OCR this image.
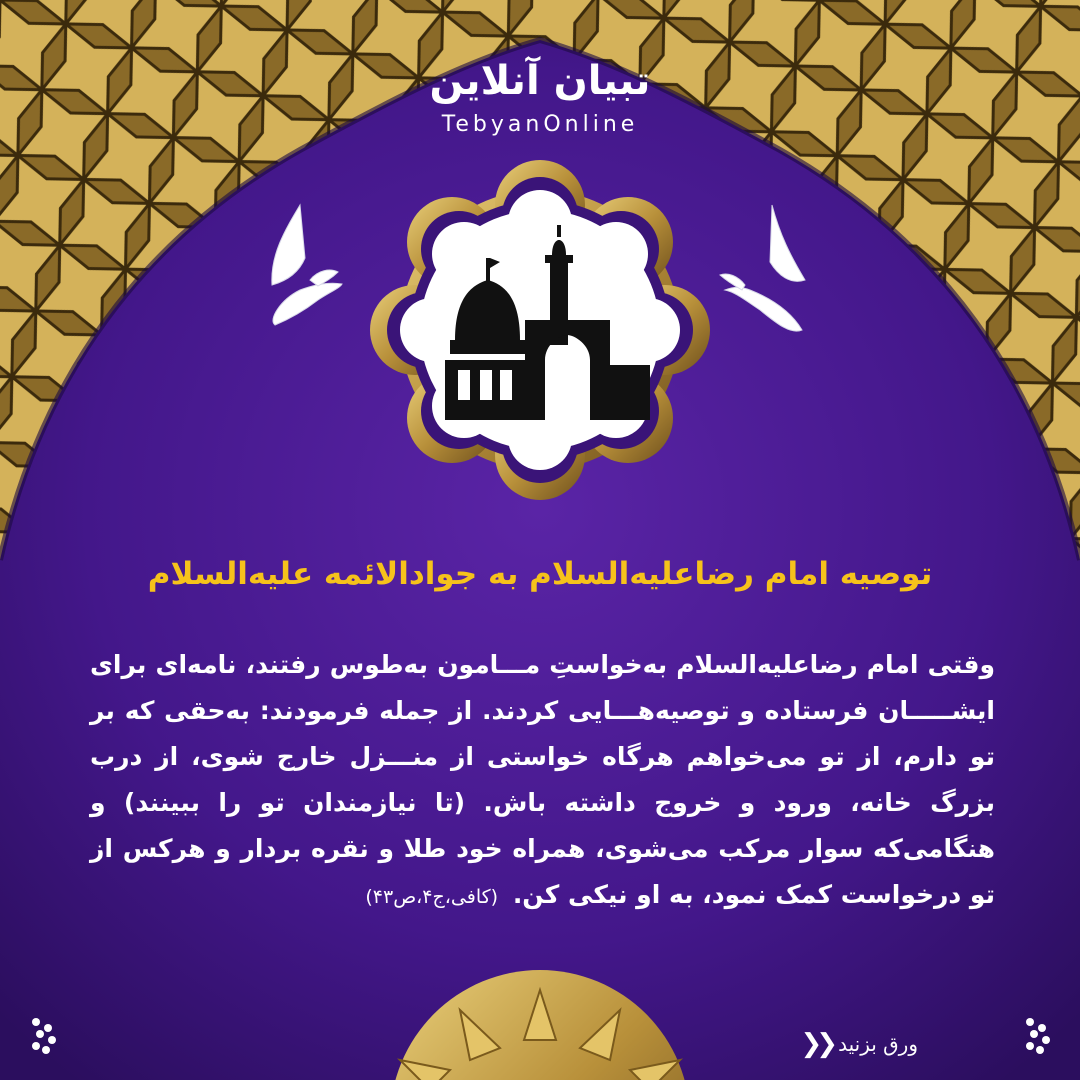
تبیان آنلاین
TebyanOnline
توصیه امام رضاعلیه‌السلام به جوادالائمه علیه‌السلام
وقتی امام رضاعلیه‌السلام به‌خواستِ مـــامون به‌طوس رفتند، نامه‌ای برای ایشـــــان فرستاده و توصیه‌هـــایی کردند. از جمله فرمودند: به‌حقی که بر تو دارم، از تو می‌خواهم هرگاه خواستی از منـــزل خارج شوی، از درب بزرگ خانه، ورود و خروج داشته باش. (تا نیازمندان تو را ببینند) و هنگامی‌که سوار مرکب می‌شوی، همراه خود طلا و نقره بردار و هرکس از تو درخواست کمک نمود، به او نیکی کن. (کافی،ج۴،ص۴۳)
ورق بزنید
❮❮
